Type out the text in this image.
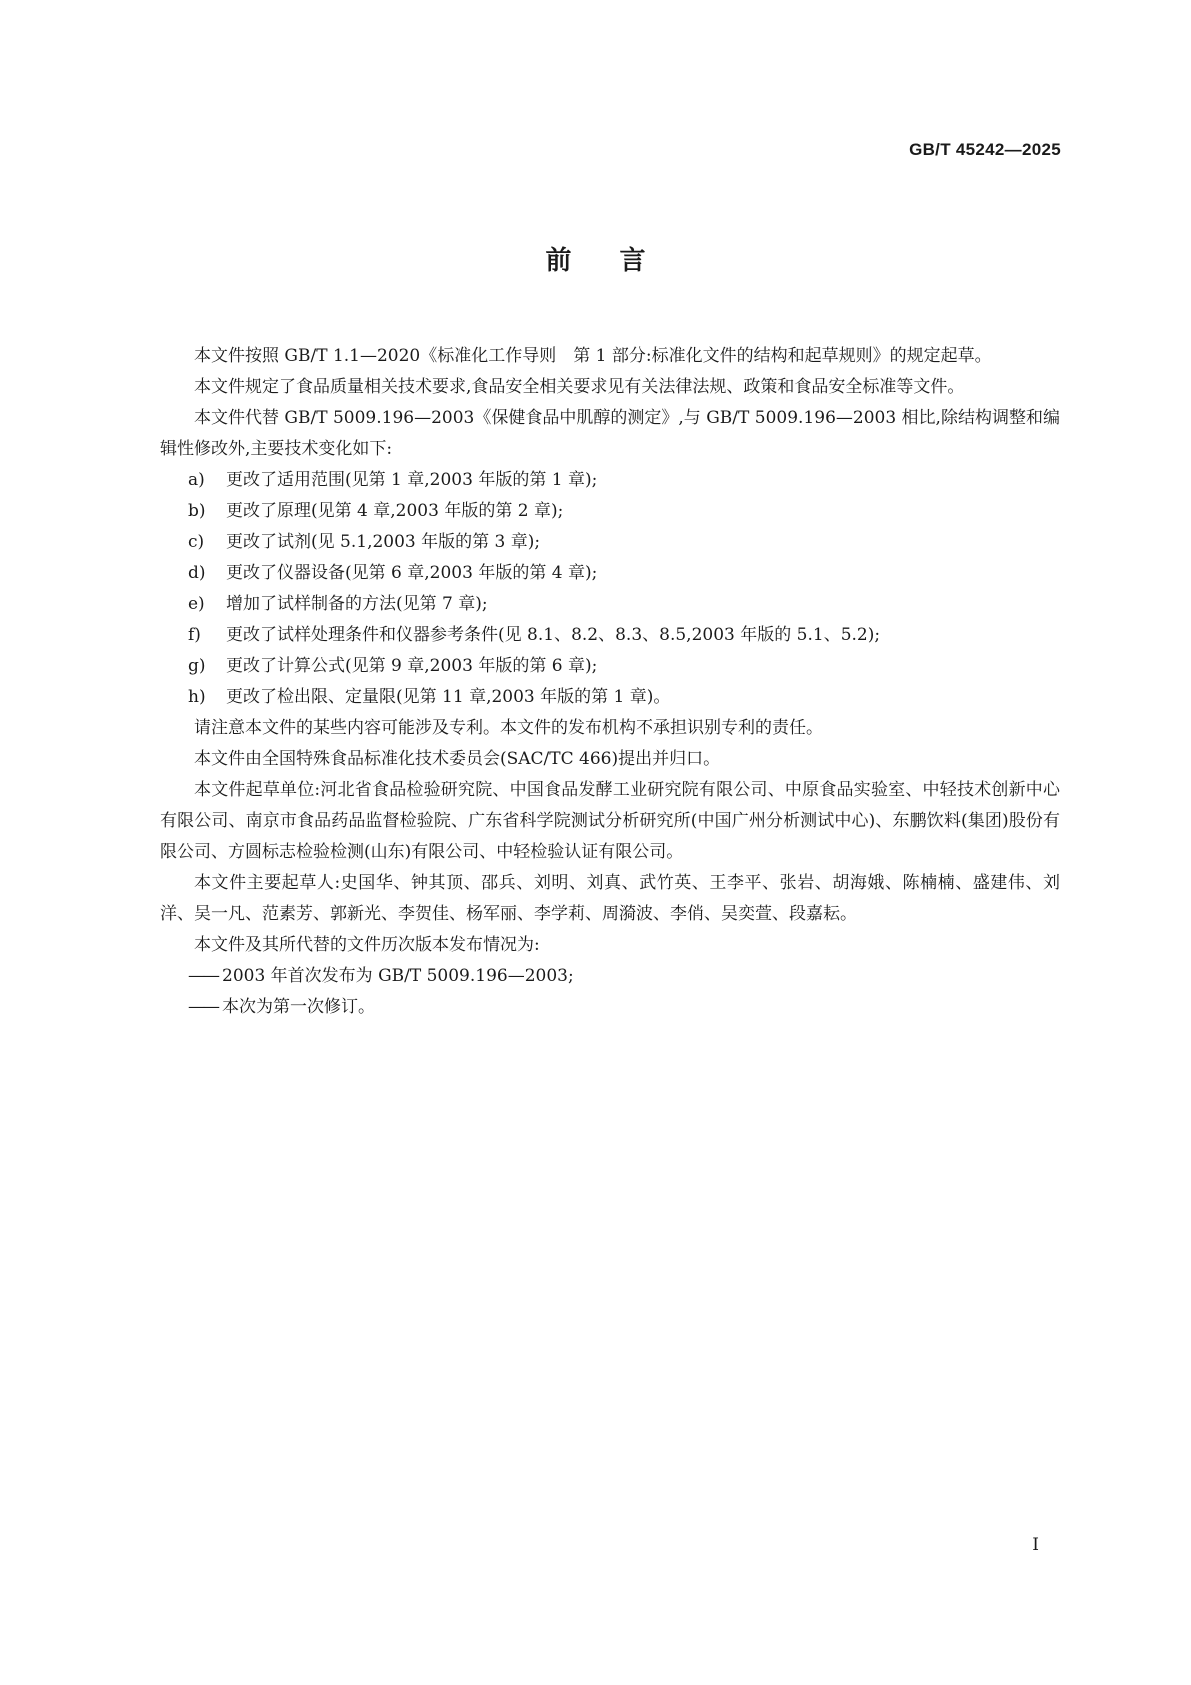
GB/T 45242—2025
前言

本文件按照 GB/T 1.1—2020《标准化工作导则　第 1 部分:标准化文件的结构和起草规则》的规定起草。

本文件规定了食品质量相关技术要求,食品安全相关要求见有关法律法规、政策和食品安全标准等文件。

本文件代替 GB/T 5009.196—2003《保健食品中肌醇的测定》,与 GB/T 5009.196—2003 相比,除结构调整和编辑性修改外,主要技术变化如下:

a)	更改了适用范围(见第 1 章,2003 年版的第 1 章);
b)	更改了原理(见第 4 章,2003 年版的第 2 章);
c)	更改了试剂(见 5.1,2003 年版的第 3 章);
d)	更改了仪器设备(见第 6 章,2003 年版的第 4 章);
e)	增加了试样制备的方法(见第 7 章);
f)	更改了试样处理条件和仪器参考条件(见 8.1、8.2、8.3、8.5,2003 年版的 5.1、5.2);
g)	更改了计算公式(见第 9 章,2003 年版的第 6 章);
h)	更改了检出限、定量限(见第 11 章,2003 年版的第 1 章)。

请注意本文件的某些内容可能涉及专利。本文件的发布机构不承担识别专利的责任。

本文件由全国特殊食品标准化技术委员会(SAC/TC 466)提出并归口。

本文件起草单位:河北省食品检验研究院、中国食品发酵工业研究院有限公司、中原食品实验室、中轻技术创新中心有限公司、南京市食品药品监督检验院、广东省科学院测试分析研究所(中国广州分析测试中心)、东鹏饮料(集团)股份有限公司、方圆标志检验检测(山东)有限公司、中轻检验认证有限公司。

本文件主要起草人:史国华、钟其顶、邵兵、刘明、刘真、武竹英、王李平、张岩、胡海娥、陈楠楠、盛建伟、刘洋、吴一凡、范素芳、郭新光、李贺佳、杨军丽、李学莉、周漪波、李俏、吴奕萱、段嘉耘。

本文件及其所代替的文件历次版本发布情况为:

—— 2003 年首次发布为 GB/T 5009.196—2003;
—— 本次为第一次修订。
I
